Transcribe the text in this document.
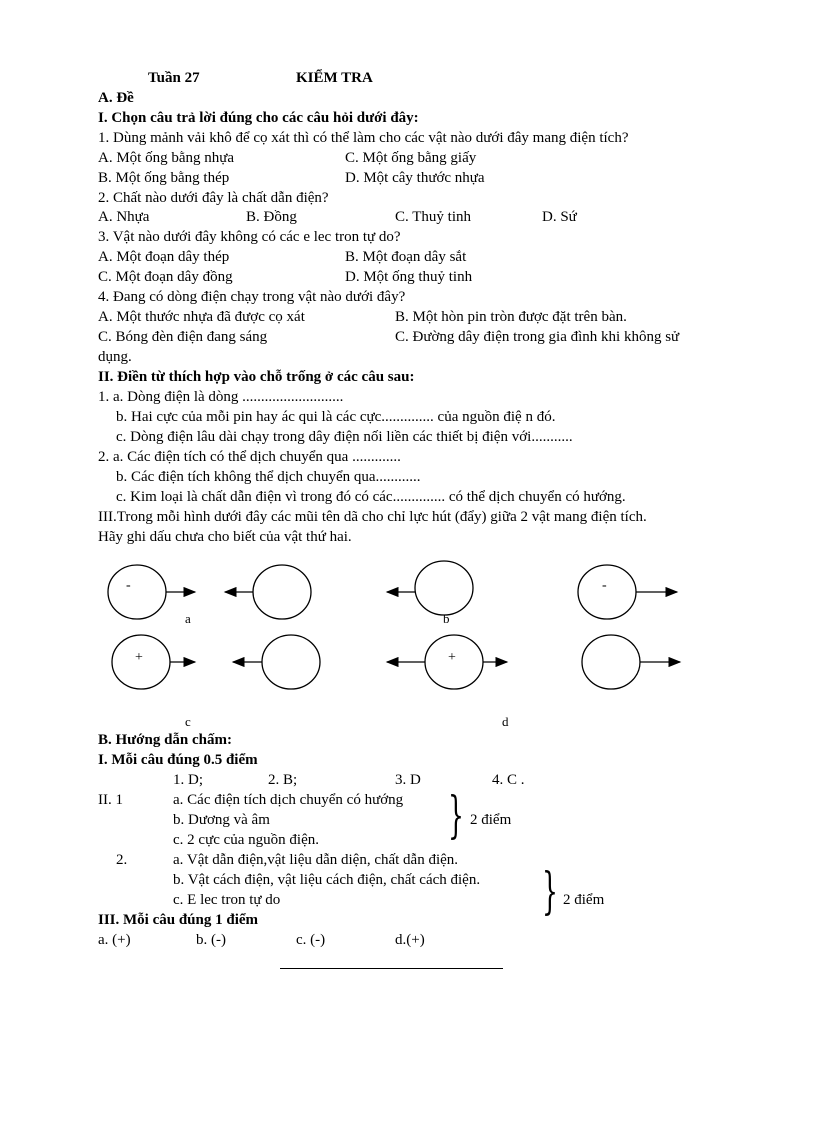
Tuần 27	KIỂM TRA
A. Đề
I. Chọn câu trả lời đúng cho các câu hỏi dưới đây:
1. Dùng mảnh vải khô để cọ xát thì có thể làm cho các vật nào dưới đây mang điện tích?
A. Một ống bằng nhựa	C. Một ống bằng giấy
B. Một ống bằng thép	D. Một cây thước nhựa
2. Chất nào dưới đây là chất dẫn điện?
A. Nhựa	B. Đồng	C. Thuỷ tinh	D. Sứ
3. Vật nào dưới đây không có các e lec tron tự do?
A. Một đoạn dây thép	B. Một đoạn dây sắt
C. Một đoạn dây đồng	D. Một ống thuỷ tinh
4. Đang có dòng điện chạy trong vật nào dưới đây?
A. Một thước nhựa đã được cọ xát	B. Một hòn pin tròn được đặt trên bàn.
C. Bóng đèn điện đang sáng	C. Đường dây điện trong gia đình khi không sử
dụng.
II. Điền từ thích hợp vào chỗ trống ở các câu sau:
1. a. Dòng điện là dòng ...........................
b. Hai cực của mỗi pin hay ác qui là các cực.............. của nguồn điệ n đó.
c. Dòng điện lâu dài chạy trong dây điện nối liền các thiết bị điện với...........
2. a. Các điện tích có thể dịch chuyển qua .............
b. Các điện tích không thể dịch chuyển qua............
c. Kim loại là chất dẫn điện vì trong đó có các.............. có thể dịch chuyển có hướng.
III.Trong mỗi hình dưới đây các mũi tên dã cho chỉ lực hút (đẩy) giữa 2 vật mang điện tích.
Hãy ghi dấu chưa cho biết của vật thứ hai.
-	-
+	+
a	b
c	d
B. Hướng dẫn chấm:
I. Mỗi câu đúng 0.5 điểm
1. D;	2. B;	3. D	4. C .
II. 1	a. Các điện tích dịch chuyển có hướng
b. Dương và âm
c. 2 cực của nguồn điện.	} 2 điểm
2.	a. Vật dẫn điện,vật liệu dẫn diện, chất dẫn điện.
b. Vật cách điện, vật liệu cách điện, chất cách điện.
c. E lec tron tự do	} 2 điểm
III. Mỗi câu đúng 1 điểm
a. (+)	b. (-)	c. (-)	d.(+)
